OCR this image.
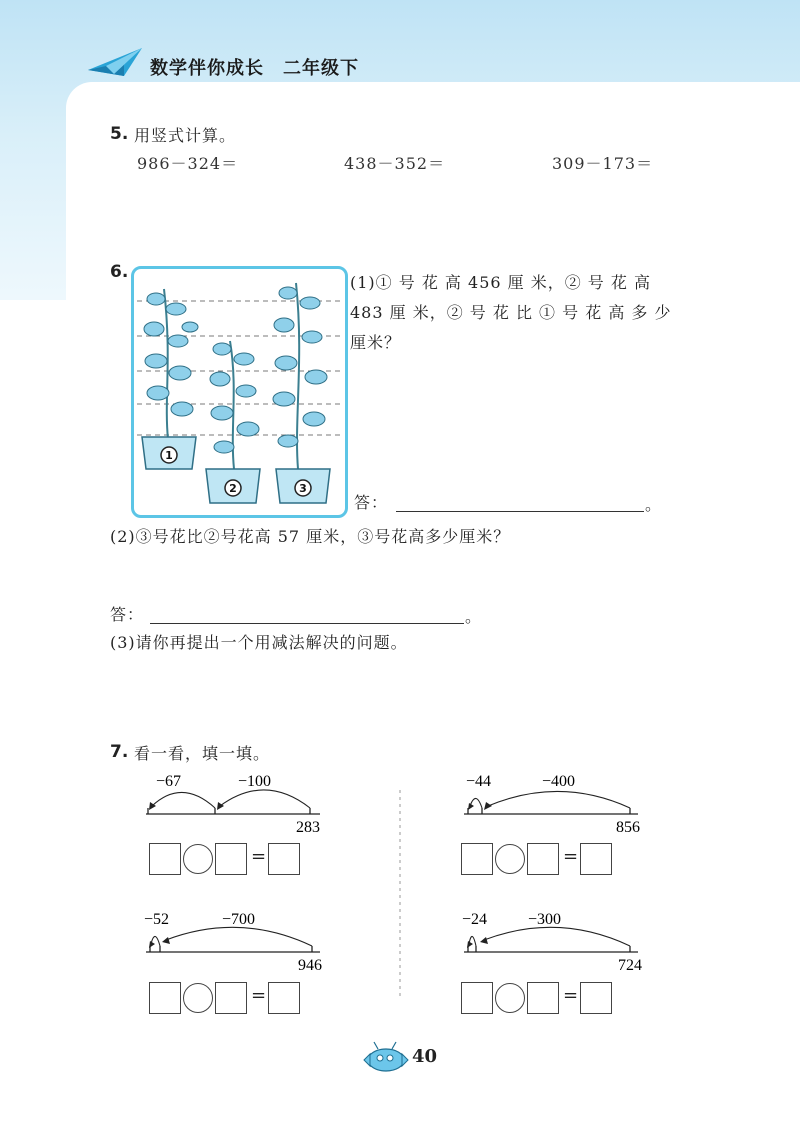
数学伴你成长　二年级下
5. 用竖式计算。
986－324＝	438－352＝	309－173＝
6.
1
2	3
(1)① 号 花 高 456 厘 米，② 号 花 高
483 厘 米，② 号 花 比 ① 号 花 高 多 少
厘米？
答：	。
(2)③号花比②号花高 57 厘米，③号花高多少厘米？
答：	。
(3)请你再提出一个用减法解决的问题。
7. 看一看，填一填。
−67	−100
283
−44	−400
856
−52	−700
946
−24	−300
724
=	=
=	=
40
